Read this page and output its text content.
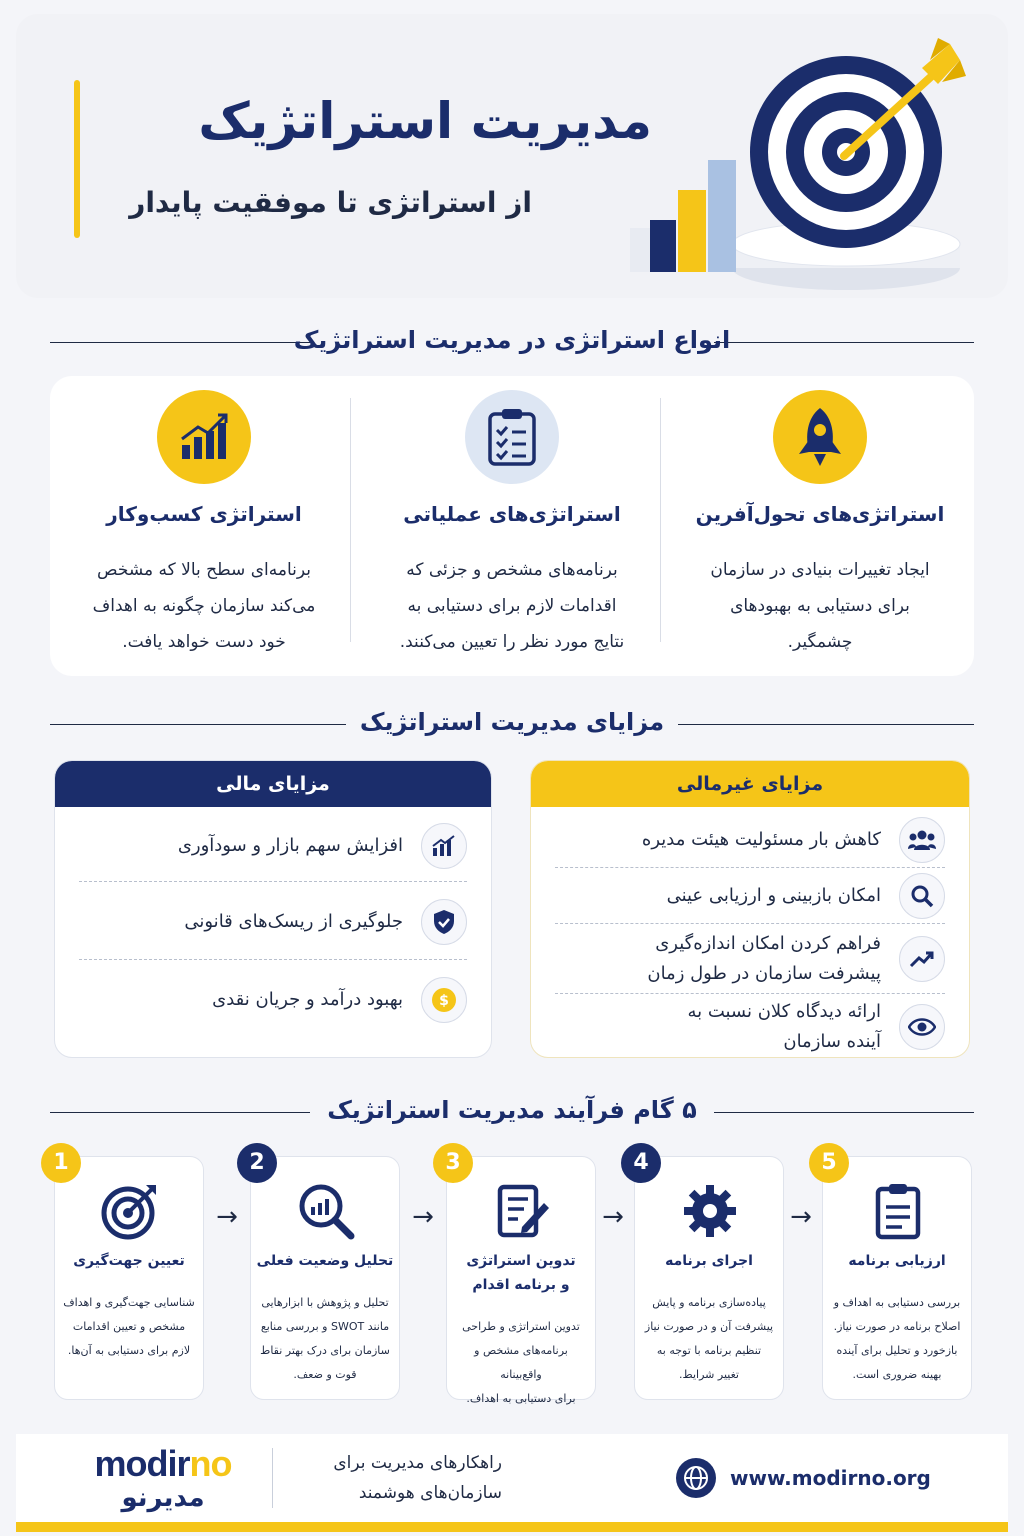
مدیریت استراتژیک
از استراتژی تا موفقیت پایدار
انواع استراتژی در مدیریت استراتژیک
استراتژی کسب‌وکار

برنامه‌ای سطح بالا که مشخص
می‌کند سازمان چگونه به اهداف
خود دست خواهد یافت.

استراتژی‌های عملیاتی

برنامه‌های مشخص و جزئی که
اقدامات لازم برای دستیابی به
نتایج مورد نظر را تعیین می‌کنند.

استراتژی‌های تحول‌آفرین

ایجاد تغییرات بنیادی در سازمان
برای دستیابی به بهبودهای
چشمگیر.

مزایای مدیریت استراتژیک
مزایای مالی
افزایش سهم بازار و سودآوری
جلوگیری از ریسک‌های قانونی
$
بهبود درآمد و جریان نقدی
مزایای غیرمالی
کاهش بار مسئولیت هیئت مدیره
امکان بازبینی و ارزیابی عینی
فراهم کردن امکان اندازه‌گیری
پیشرفت سازمان در طول زمان
ارائه دیدگاه کلان نسبت به
آینده سازمان
۵ گام فرآیند مدیریت استراتژیک
1
تعیین جهت‌گیری

شناسایی جهت‌گیری و اهداف
مشخص و تعیین اقدامات
لازم برای دستیابی به آن‌ها.

→
2
تحلیل وضعیت فعلی

تحلیل و پژوهش با ابزارهایی
مانند SWOT و بررسی منابع
سازمان برای درک بهتر نقاط
قوت و ضعف.

→
3
تدوین استراتژی
و برنامه اقدام

تدوین استراتژی و طراحی
برنامه‌های مشخص و واقع‌بینانه
برای دستیابی به اهداف.

→
4
اجرای برنامه

پیاده‌سازی برنامه و پایش
پیشرفت آن و در صورت نیاز
تنظیم برنامه با توجه به
تغییر شرایط.

→
5
ارزیابی برنامه

بررسی دستیابی به اهداف و
اصلاح برنامه در صورت نیاز.
بازخورد و تحلیل برای آینده
بهینه ضروری است.

modirno
مدیرنو
راهکارهای مدیریت برای
سازمان‌های هوشمند
www.modirno.org
